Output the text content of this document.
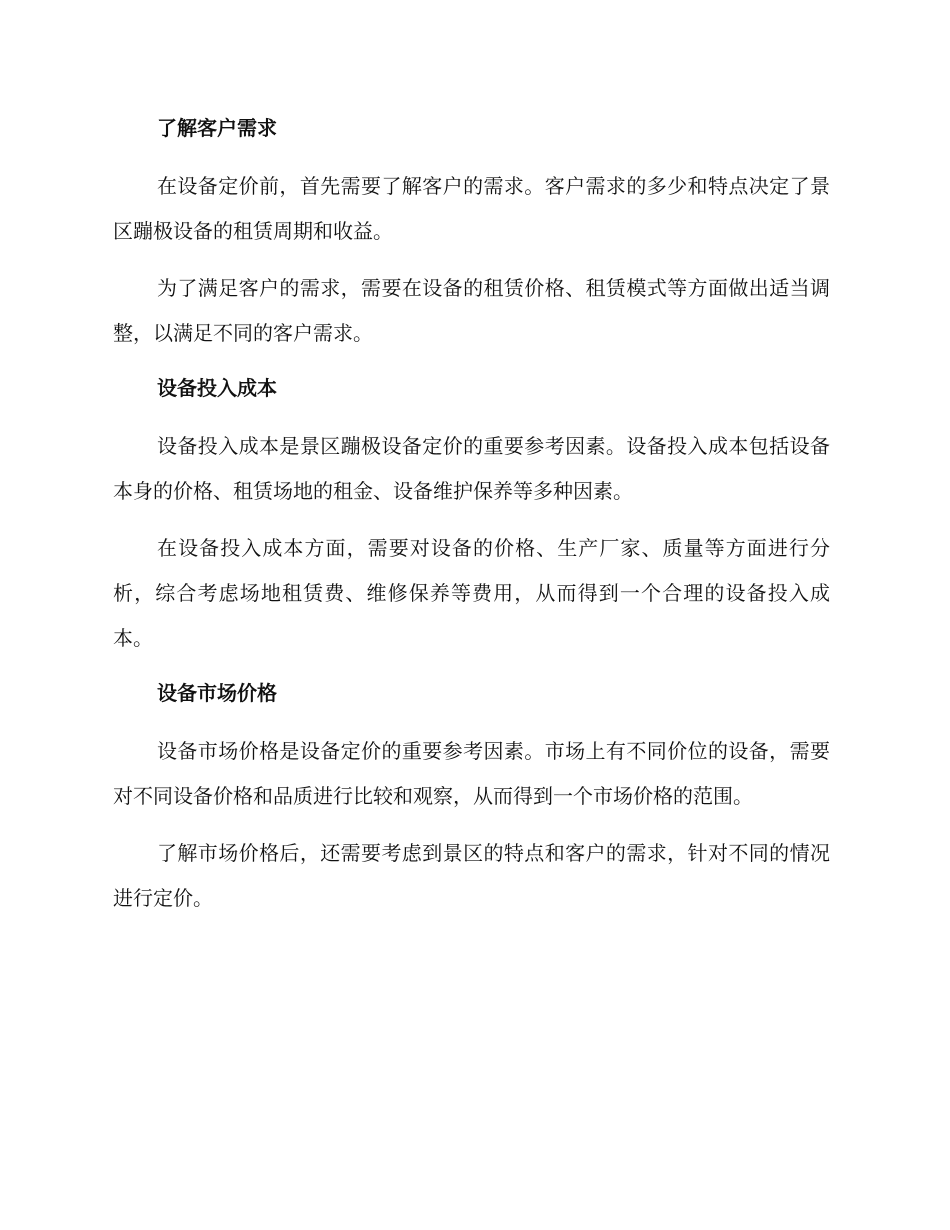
了解客户需求

在设备定价前，首先需要了解客户的需求。客户需求的多少和特点决定了景区蹦极设备的租赁周期和收益。

为了满足客户的需求，需要在设备的租赁价格、租赁模式等方面做出适当调整，以满足不同的客户需求。

设备投入成本

设备投入成本是景区蹦极设备定价的重要参考因素。设备投入成本包括设备本身的价格、租赁场地的租金、设备维护保养等多种因素。

在设备投入成本方面，需要对设备的价格、生产厂家、质量等方面进行分析，综合考虑场地租赁费、维修保养等费用，从而得到一个合理的设备投入成本。

设备市场价格

设备市场价格是设备定价的重要参考因素。市场上有不同价位的设备，需要对不同设备价格和品质进行比较和观察，从而得到一个市场价格的范围。

了解市场价格后，还需要考虑到景区的特点和客户的需求，针对不同的情况进行定价。
